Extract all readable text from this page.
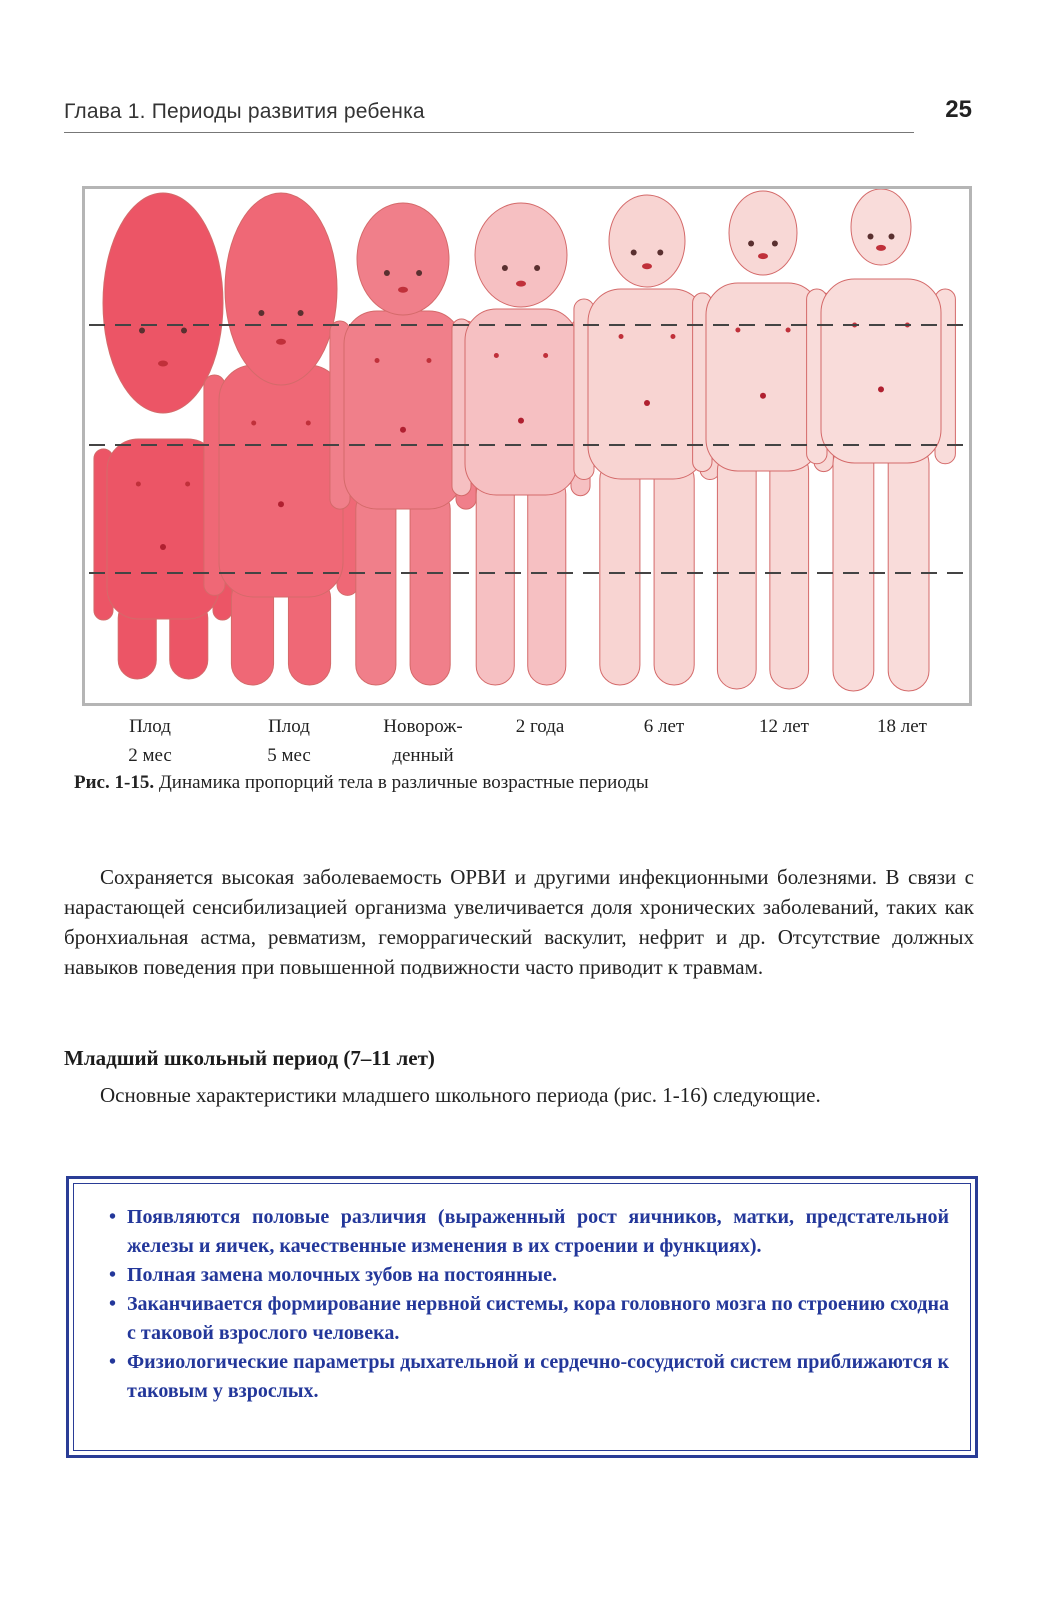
Глава 1. Периоды развития ребенка	25
Плод
2 мес
Плод
5 мес
Новорож-
денный
2 года	6 лет	12 лет	18 лет
Рис. 1-15. Динамика пропорций тела в различные возрастные периоды

Сохраняется высокая заболеваемость ОРВИ и другими инфекционными болезнями. В связи с нарастающей сенсибилизацией организма увеличивается доля хронических заболеваний, таких как бронхиальная астма, ревматизм, геморрагический васкулит, нефрит и др. Отсутствие должных навыков поведения при повышенной подвижности часто приводит к травмам.

Младший школьный период (7–11 лет)

Основные характеристики младшего школьного периода (рис. 1-16) следующие.

• Появляются половые различия (выраженный рост яичников, матки, предстательной железы и яичек, качественные изменения в их строении и функциях).
• Полная замена молочных зубов на постоянные.
• Заканчивается формирование нервной системы, кора головного мозга по строению сходна с таковой взрослого человека.
• Физиологические параметры дыхательной и сердечно-сосудистой систем приближаются к таковым у взрослых.
